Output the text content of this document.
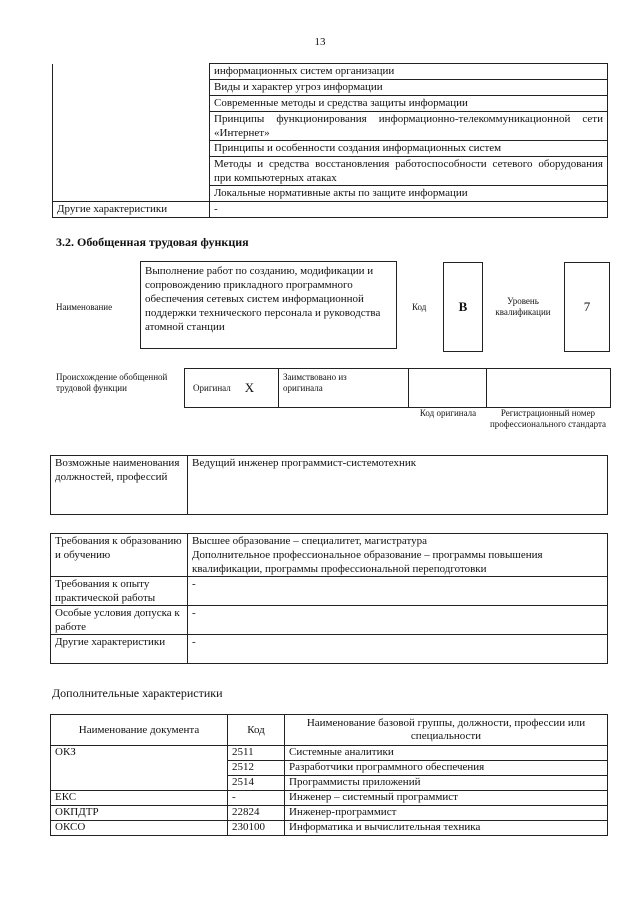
13
	информационных систем организации
	Виды и характер угроз информации
	Современные методы и средства защиты информации
	Принципы функционирования информационно-телекоммуникационной сети «Интернет»
	Принципы и особенности создания информационных систем
	Методы и средства восстановления работоспособности сетевого оборудования при компьютерных атаках
	Локальные нормативные акты по защите информации
Другие характеристики	-
3.2. Обобщенная трудовая функция
Наименование
Выполнение работ по созданию, модификации и сопровождению прикладного программного обеспечения сетевых систем информационной поддержки технического персонала и руководства атомной станции
Код	B	Уровень квалификации	7
Происхождение обобщенной трудовой функции	Оригинал X
Заимствовано из оригинала
Код оригинала	Регистрационный номер профессионального стандарта
Возможные наименования должностей, профессий	Ведущий инженер программист-системотехник
Требования к образованию и обучению	Высшее образование – специалитет, магистратура
Дополнительное профессиональное образование – программы повышения квалификации, программы профессиональной переподготовки
Требования к опыту практической работы	-
Особые условия допуска к работе	-
Другие характеристики	-
Дополнительные характеристики
Наименование документа	Код	Наименование базовой группы, должности, профессии или специальности
ОКЗ	2511	Системные аналитики
	2512	Разработчики программного обеспечения
	2514	Программисты приложений
ЕКС	-	Инженер – системный программист
ОКПДТР	22824	Инженер-программист
ОКСО	230100	Информатика и вычислительная техника
